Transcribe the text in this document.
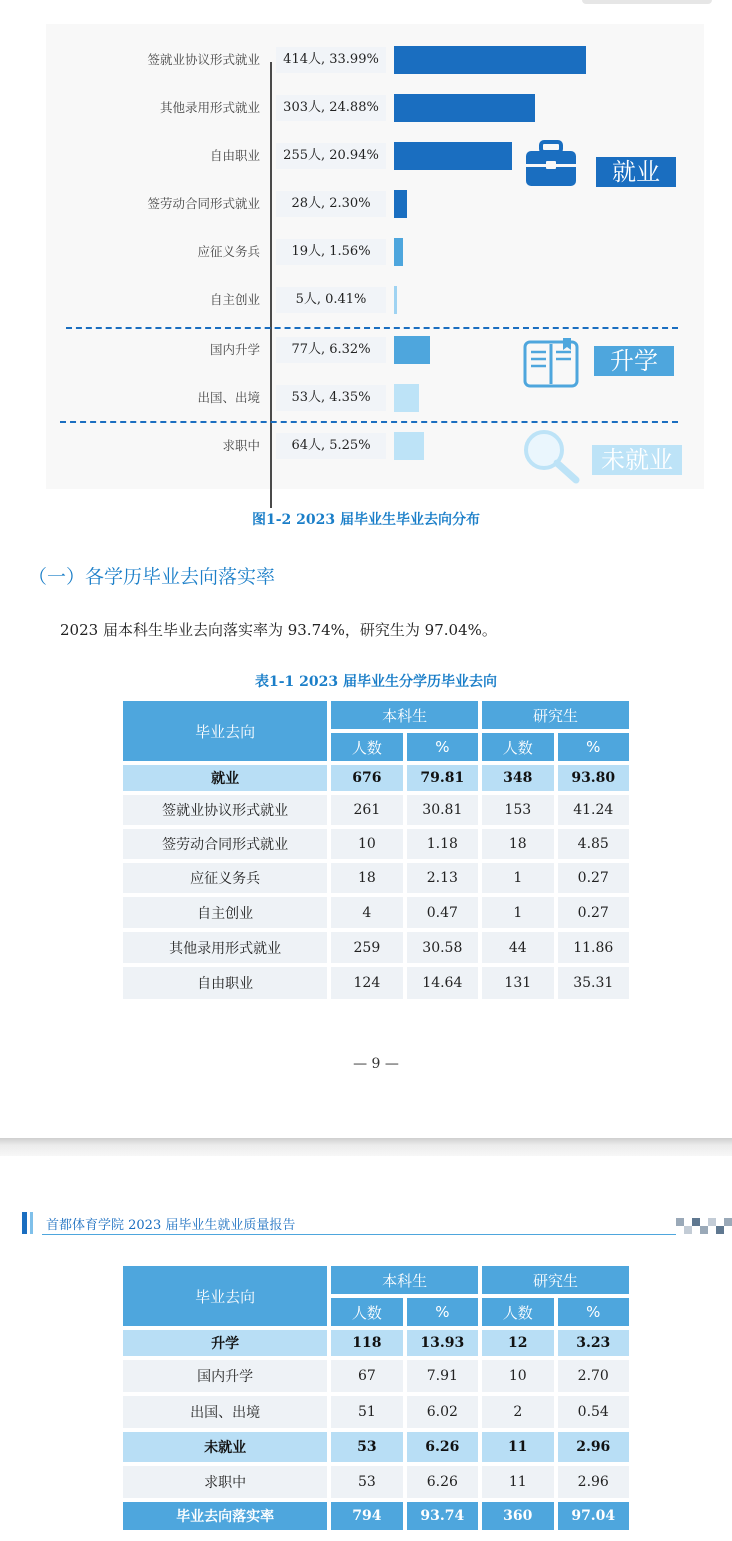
就业
升学
未就业
签就业协议形式就业	414人, 33.99%
其他录用形式就业	303人, 24.88%
自由职业	255人, 20.94%
签劳动合同形式就业	28人, 2.30%
应征义务兵	19人, 1.56%
自主创业	5人, 0.41%
国内升学	77人, 6.32%
出国、出境	53人, 4.35%
求职中	64人, 5.25%
图1-2 2023 届毕业生毕业去向分布
（一）各学历毕业去向落实率
2023 届本科生毕业去向落实率为 93.74%，研究生为 97.04%。
表1-1 2023 届毕业生分学历毕业去向
毕业去向	本科生		研究生	
	人数	%	人数	%
就业	676	79.81	348	93.80
签就业协议形式就业	261	30.81	153	41.24
签劳动合同形式就业	10	1.18	18	4.85
应征义务兵	18	2.13	1	0.27
自主创业	4	0.47	1	0.27
其他录用形式就业	259	30.58	44	11.86
自由职业	124	14.64	131	35.31
— 9 —
首都体育学院 2023 届毕业生就业质量报告
毕业去向	本科生		研究生	
	人数	%	人数	%
升学	118	13.93	12	3.23
国内升学	67	7.91	10	2.70
出国、出境	51	6.02	2	0.54
未就业	53	6.26	11	2.96
求职中	53	6.26	11	2.96
毕业去向落实率	794	93.74	360	97.04
